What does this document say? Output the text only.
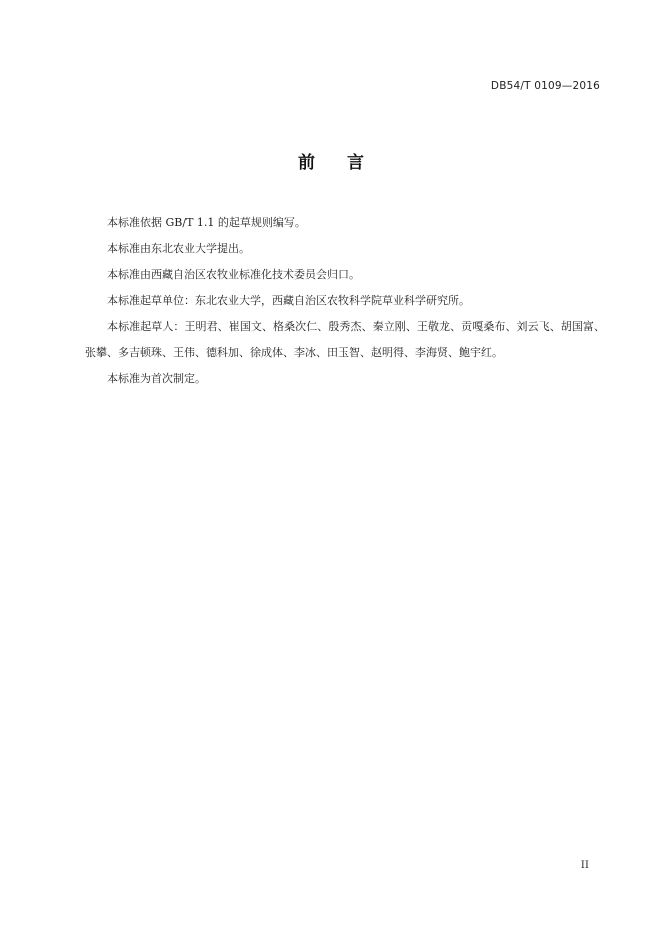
DB54/T 0109—2016
前言

本标准依据 GB/T 1.1 的起草规则编写。

本标准由东北农业大学提出。

本标准由西藏自治区农牧业标准化技术委员会归口。

本标准起草单位：东北农业大学，西藏自治区农牧科学院草业科学研究所。

本标准起草人：王明君、崔国文、格桑次仁、殷秀杰、秦立刚、王敬龙、贡嘎桑布、刘云飞、胡国富、张攀、多吉顿珠、王伟、德科加、徐成体、李冰、田玉智、赵明得、李海贤、鲍宇红。

本标准为首次制定。

II
